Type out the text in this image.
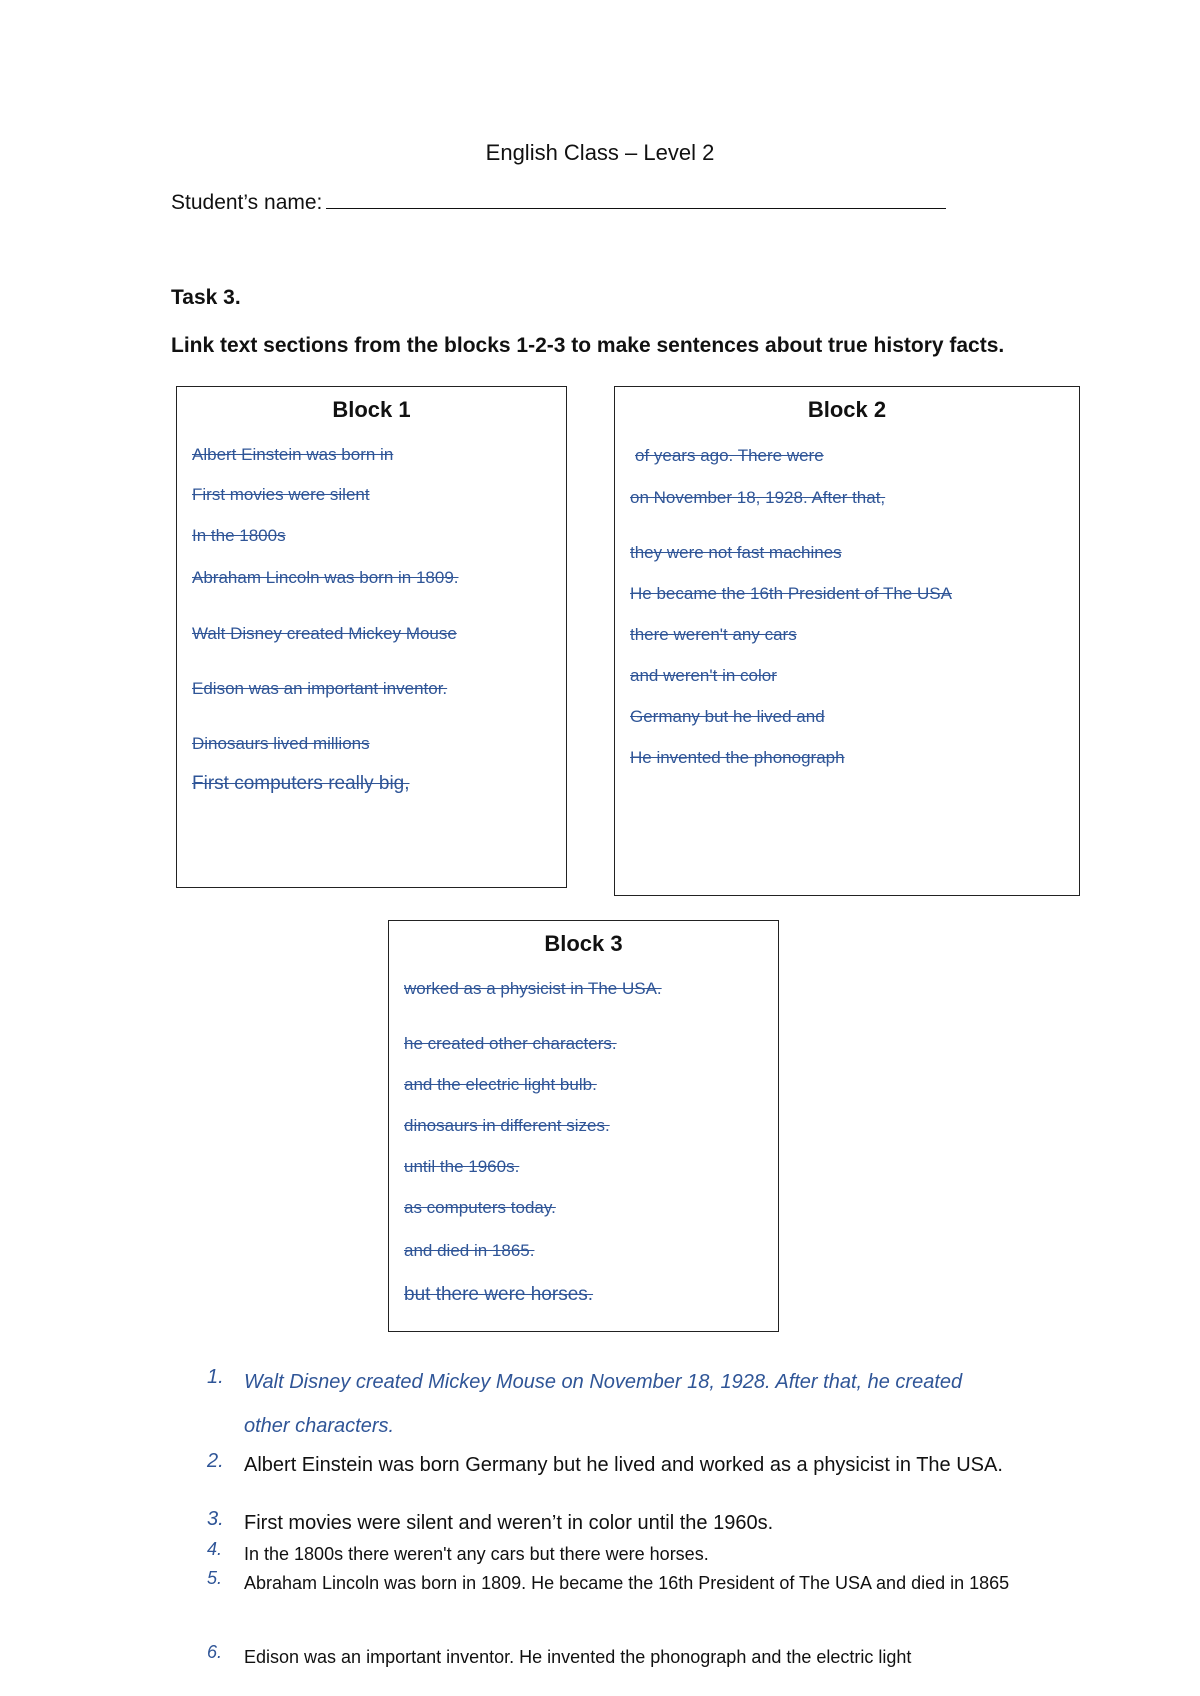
English Class – Level 2
Student’s name:
Task 3.
Link text sections from the blocks 1-2-3 to make sentences about true history facts.
Block 1
Albert Einstein was born in
First movies were silent
In the 1800s
Abraham Lincoln was born in 1809.
Walt Disney created Mickey Mouse
Edison was an important inventor.
Dinosaurs lived millions
First computers really big,
Block 2
of years ago. There were
on November 18, 1928. After that,
they were not fast machines
He became the 16th President of The USA
there weren't any cars
and weren't in color
Germany but he lived and
He invented the phonograph
Block 3
worked as a physicist in The USA.
he created other characters.
and the electric light bulb.
dinosaurs in different sizes.
until the 1960s.
as computers today.
and died in 1865.
but there were horses.
1. Walt Disney created Mickey Mouse on November 18, 1928. After that, he created other characters.
2. Albert Einstein was born Germany but he lived and worked as a physicist in The USA.
3. First movies were silent and weren’t in color until the 1960s.
4. In the 1800s there weren't any cars but there were horses.
5. Abraham Lincoln was born in 1809. He became the 16th President of The USA and died in 1865
6. Edison was an important inventor. He invented the phonograph and the electric light
